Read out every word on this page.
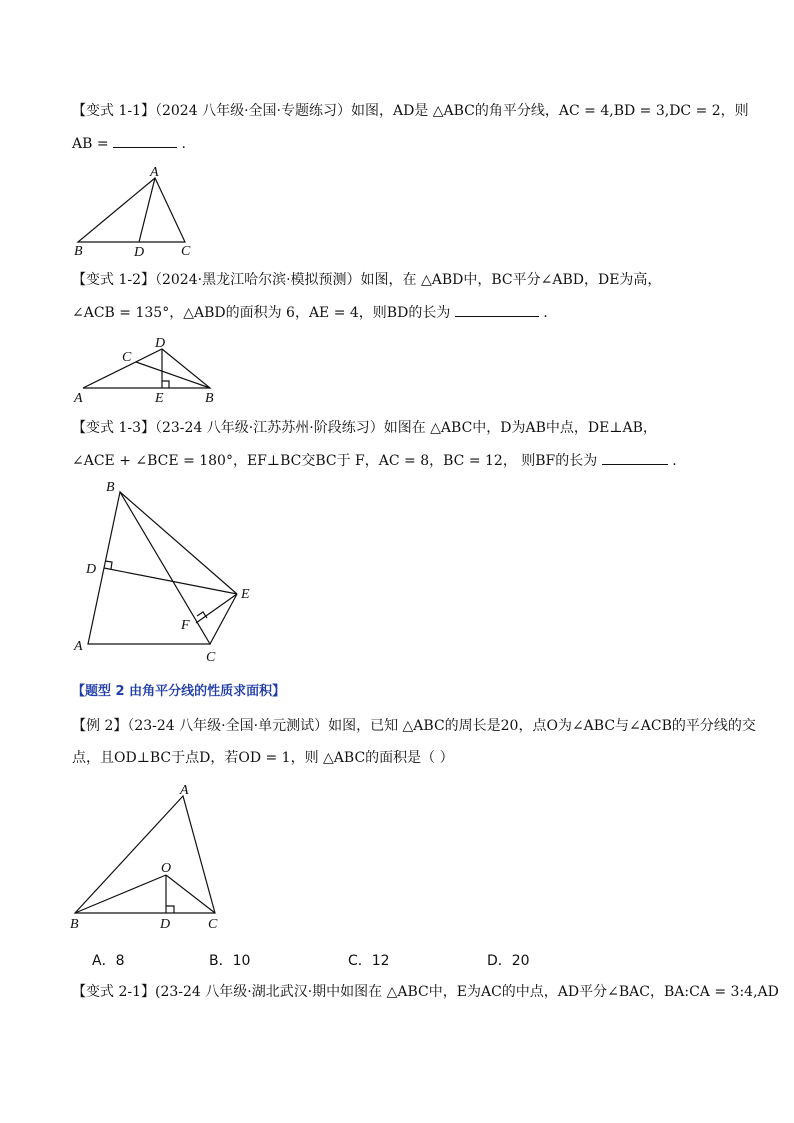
【变式 1-1】（2024 八年级·全国·专题练习）如图，AD是 △ABC的角平分线，AC = 4,BD = 3,DC = 2，则
AB =	.
A
B	D	C
C
D
A	E	B
B
D
E
F
A
C
A
O
B	D	C
【变式 1-2】（2024·黑龙江哈尔滨·模拟预测）如图，在 △ABD中，BC平分∠ABD，DE为高，
∠ACB = 135°，△ABD的面积为 6，AE = 4，则BD的长为	.
【变式 1-3】（23-24 八年级·江苏苏州·阶段练习）如图在 △ABC中，D为AB中点，DE⊥AB，
∠ACE + ∠BCE = 180°，EF⊥BC交BC于 F，AC = 8，BC = 12， 则BF的长为	.
【题型 2 由角平分线的性质求面积】
【例 2】（23-24 八年级·全国·单元测试）如图，已知 △ABC的周长是20，点O为∠ABC与∠ACB的平分线的交
点，且OD⊥BC于点D，若OD = 1，则 △ABC的面积是（ ）
A．8	B．10	C．12	D．20
【变式 2-1】(23-24 八年级·湖北武汉·期中如图在 △ABC中，E为AC的中点，AD平分∠BAC，BA:CA = 3:4,AD
